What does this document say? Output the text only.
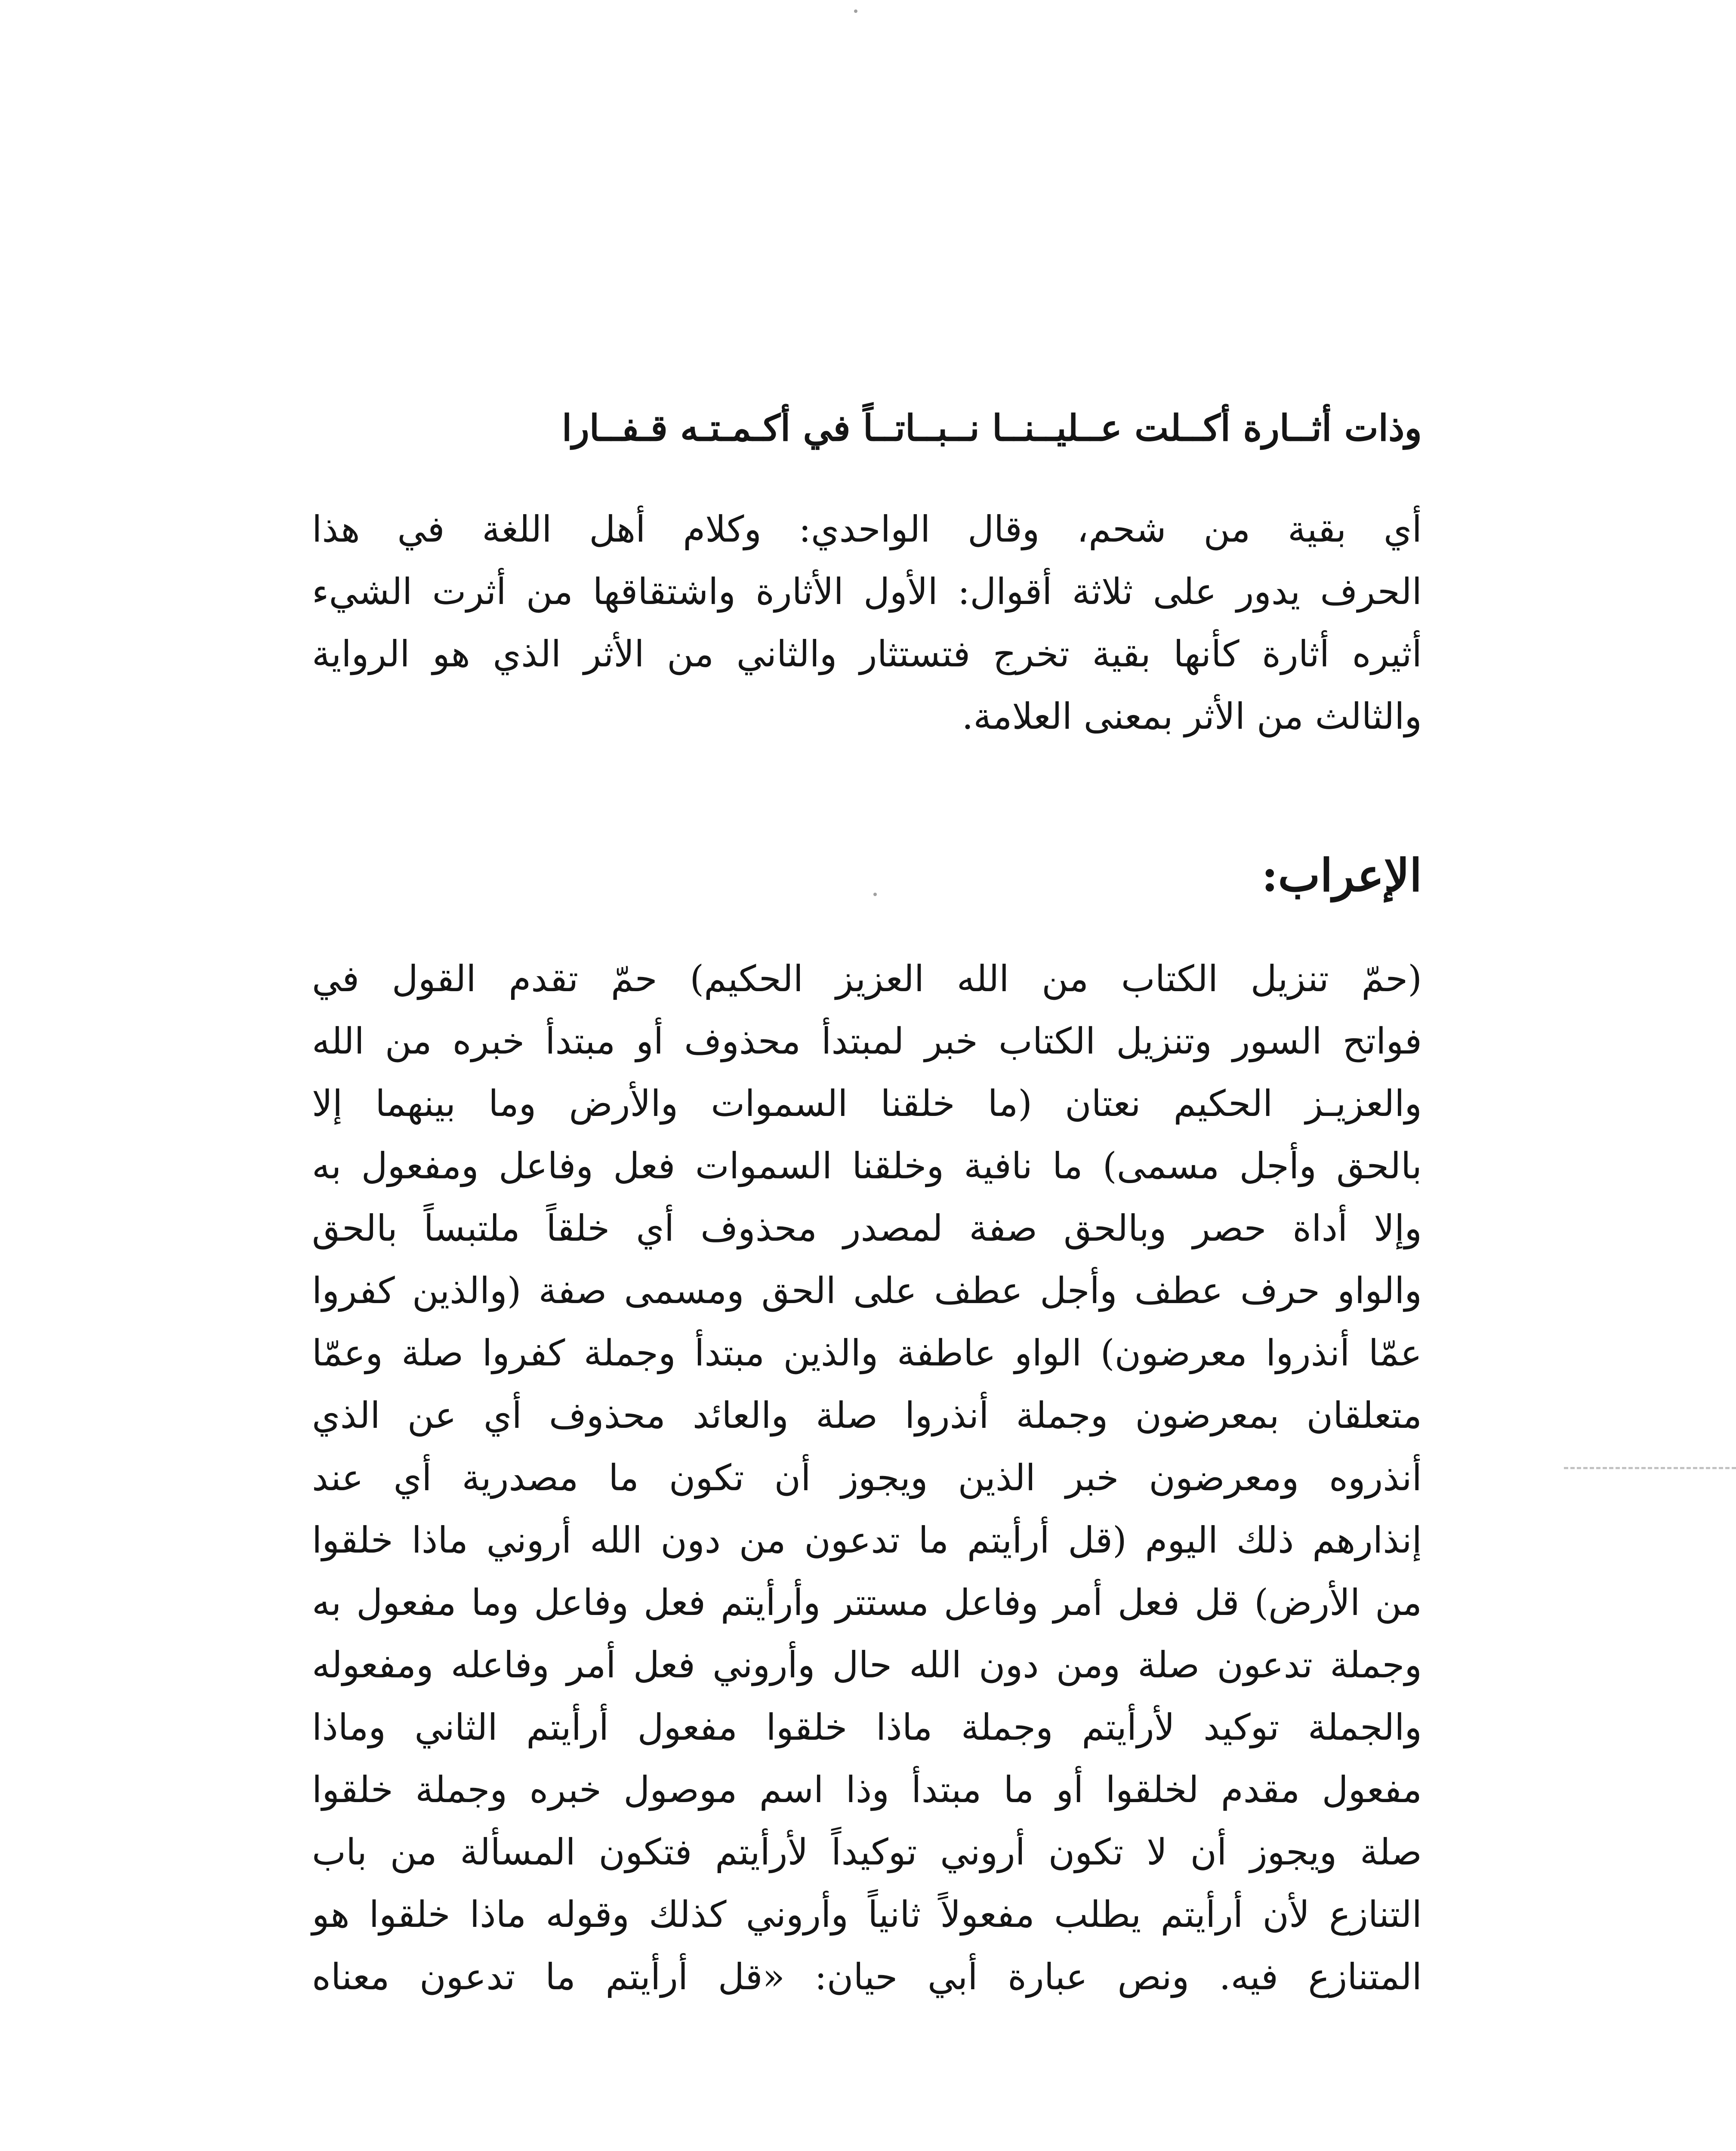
وذات أثــارة أكــلت عــليــنــا نــبــاتــاً في أكـمـتـه قـفــارا
أي بقية من شحم، وقال الواحدي: وكلام أهل اللغة في هذا
الحرف يدور على ثلاثة أقوال: الأول الأثارة واشتقاقها من أثرت الشيء
أثيره أثارة كأنها بقية تخرج فتستثار والثاني من الأثر الذي هو الرواية
والثالث من الأثر بمعنى العلامة.
الإعراب:
(حمّ تنزيل الكتاب من الله العزيز الحكيم) حمّ تقدم القول في
فواتح السور وتنزيل الكتاب خبر لمبتدأ محذوف أو مبتدأ خبره من الله
والعزيـز الحكيم نعتان (ما خلقنا السموات والأرض وما بينهما إلا
بالحق وأجل مسمى) ما نافية وخلقنا السموات فعل وفاعل ومفعول به
وإلا أداة حصر وبالحق صفة لمصدر محذوف أي خلقاً ملتبساً بالحق
والواو حرف عطف وأجل عطف على الحق ومسمى صفة (والذين كفروا
عمّا أنذروا معرضون) الواو عاطفة والذين مبتدأ وجملة كفروا صلة وعمّا
متعلقان بمعرضون وجملة أنذروا صلة والعائد محذوف أي عن الذي
أنذروه ومعرضون خبر الذين ويجوز أن تكون ما مصدرية أي عند
إنذارهم ذلك اليوم (قل أرأيتم ما تدعون من دون الله أروني ماذا خلقوا
من الأرض) قل فعل أمر وفاعل مستتر وأرأيتم فعل وفاعل وما مفعول به
وجملة تدعون صلة ومن دون الله حال وأروني فعل أمر وفاعله ومفعوله
والجملة توكيد لأرأيتم وجملة ماذا خلقوا مفعول أرأيتم الثاني وماذا
مفعول مقدم لخلقوا أو ما مبتدأ وذا اسم موصول خبره وجملة خلقوا
صلة ويجوز أن لا تكون أروني توكيداً لأرأيتم فتكون المسألة من باب
التنازع لأن أرأيتم يطلب مفعولاً ثانياً وأروني كذلك وقوله ماذا خلقوا هو
المتنازع فيه. ونص عبارة أبي حيان: «قل أرأيتم ما تدعون معناه
